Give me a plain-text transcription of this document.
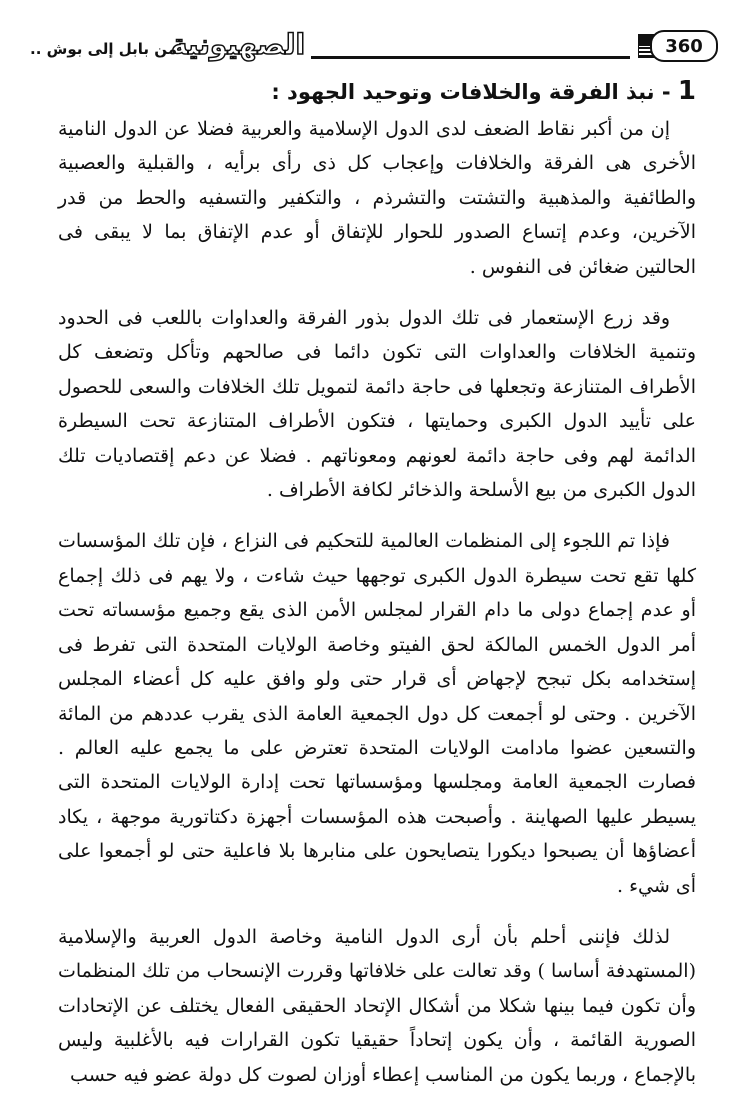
360
الصهيونية
من بابل إلى بوش ..
1 - نبذ الفرقة والخلافات وتوحيد الجهود :

إن من أكبر نقاط الضعف لدى الدول الإسلامية والعربية فضلا عن الدول النامية الأخرى هى الفرقة والخلافات وإعجاب كل ذى رأى برأيه ، والقبلية والعصبية والطائفية والمذهبية والتشتت والتشرذم ، والتكفير والتسفيه والحط من قدر الآخرين، وعدم إتساع الصدور للحوار للإتفاق أو عدم الإتفاق بما لا يبقى فى الحالتين ضغائن فى النفوس .

وقد زرع الإستعمار فى تلك الدول بذور الفرقة والعداوات باللعب فى الحدود وتنمية الخلافات والعداوات التى تكون دائما فى صالحهم وتأكل وتضعف كل الأطراف المتنازعة وتجعلها فى حاجة دائمة لتمويل تلك الخلافات والسعى للحصول على تأييد الدول الكبرى وحمايتها ، فتكون الأطراف المتنازعة تحت السيطرة الدائمة لهم وفى حاجة دائمة لعونهم ومعوناتهم . فضلا عن دعم إقتصاديات تلك الدول الكبرى من بيع الأسلحة والذخائر لكافة الأطراف .

فإذا تم اللجوء إلى المنظمات العالمية للتحكيم فى النزاع ، فإن تلك المؤسسات كلها تقع تحت سيطرة الدول الكبرى توجهها حيث شاءت ، ولا يهم فى ذلك إجماع أو عدم إجماع دولى ما دام القرار لمجلس الأمن الذى يقع وجميع مؤسساته تحت أمر الدول الخمس المالكة لحق الفيتو وخاصة الولايات المتحدة التى تفرط فى إستخدامه بكل تبجح لإجهاض أى قرار حتى ولو وافق عليه كل أعضاء المجلس الآخرين . وحتى لو أجمعت كل دول الجمعية العامة الذى يقرب عددهم من المائة والتسعين عضوا مادامت الولايات المتحدة تعترض على ما يجمع عليه العالم . فصارت الجمعية العامة ومجلسها ومؤسساتها تحت إدارة الولايات المتحدة التى يسيطر عليها الصهاينة . وأصبحت هذه المؤسسات أجهزة دكتاتورية موجهة ، يكاد أعضاؤها أن يصبحوا ديكورا يتصايحون على منابرها بلا فاعلية حتى لو أجمعوا على أى شيء .

لذلك فإننى أحلم بأن أرى الدول النامية وخاصة الدول العربية والإسلامية (المستهدفة أساسا ) وقد تعالت على خلافاتها وقررت الإنسحاب من تلك المنظمات وأن تكون فيما بينها شكلا من أشكال الإتحاد الحقيقى الفعال يختلف عن الإتحادات الصورية القائمة ، وأن يكون إتحاداً حقيقيا تكون القرارات فيه بالأغلبية وليس بالإجماع ، وربما يكون من المناسب إعطاء أوزان لصوت كل دولة عضو فيه حسب
